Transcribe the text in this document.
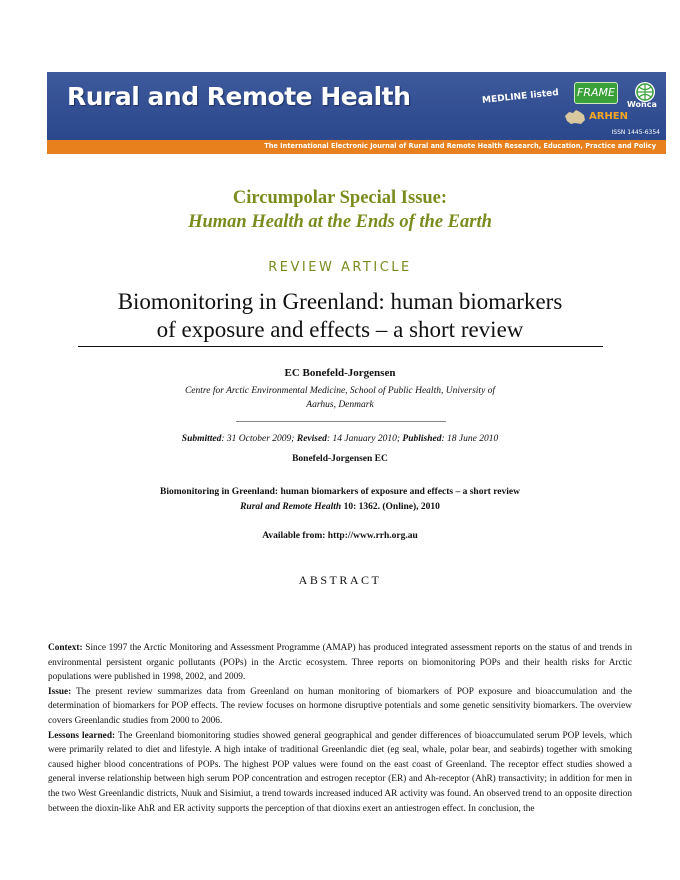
Rural and Remote Health	MEDLINE listed FRAME
Wonca
ARHEN
ISSN 1445-6354
The International Electronic Journal of Rural and Remote Health Research, Education, Practice and Policy
Circumpolar Special Issue:
Human Health at the Ends of the Earth
REVIEW ARTICLE
Biomonitoring in Greenland: human biomarkers
of exposure and effects – a short review
EC Bonefeld-Jorgensen
Centre for Arctic Environmental Medicine, School of Public Health, University of
Aarhus, Denmark
Submitted: 31 October 2009; Revised: 14 January 2010; Published: 18 June 2010
Bonefeld-Jorgensen EC
Biomonitoring in Greenland: human biomarkers of exposure and effects – a short review
Rural and Remote Health 10: 1362. (Online), 2010
Available from: http://www.rrh.org.au
ABSTRACT

Context: Since 1997 the Arctic Monitoring and Assessment Programme (AMAP) has produced integrated assessment reports on the status of and trends in environmental persistent organic pollutants (POPs) in the Arctic ecosystem. Three reports on biomonitoring POPs and their health risks for Arctic populations were published in 1998, 2002, and 2009.

Issue: The present review summarizes data from Greenland on human monitoring of biomarkers of POP exposure and bioaccumulation and the determination of biomarkers for POP effects. The review focuses on hormone disruptive potentials and some genetic sensitivity biomarkers. The overview covers Greenlandic studies from 2000 to 2006.

Lessons learned: The Greenland biomonitoring studies showed general geographical and gender differences of bioaccumulated serum POP levels, which were primarily related to diet and lifestyle. A high intake of traditional Greenlandic diet (eg seal, whale, polar bear, and seabirds) together with smoking caused higher blood concentrations of POPs. The highest POP values were found on the east coast of Greenland. The receptor effect studies showed a general inverse relationship between high serum POP concentration and estrogen receptor (ER) and Ah-receptor (AhR) transactivity; in addition for men in the two West Greenlandic districts, Nuuk and Sisimiut, a trend towards increased induced AR activity was found. An observed trend to an opposite direction between the dioxin-like AhR and ER activity supports the perception of that dioxins exert an antiestrogen effect. In conclusion, the
